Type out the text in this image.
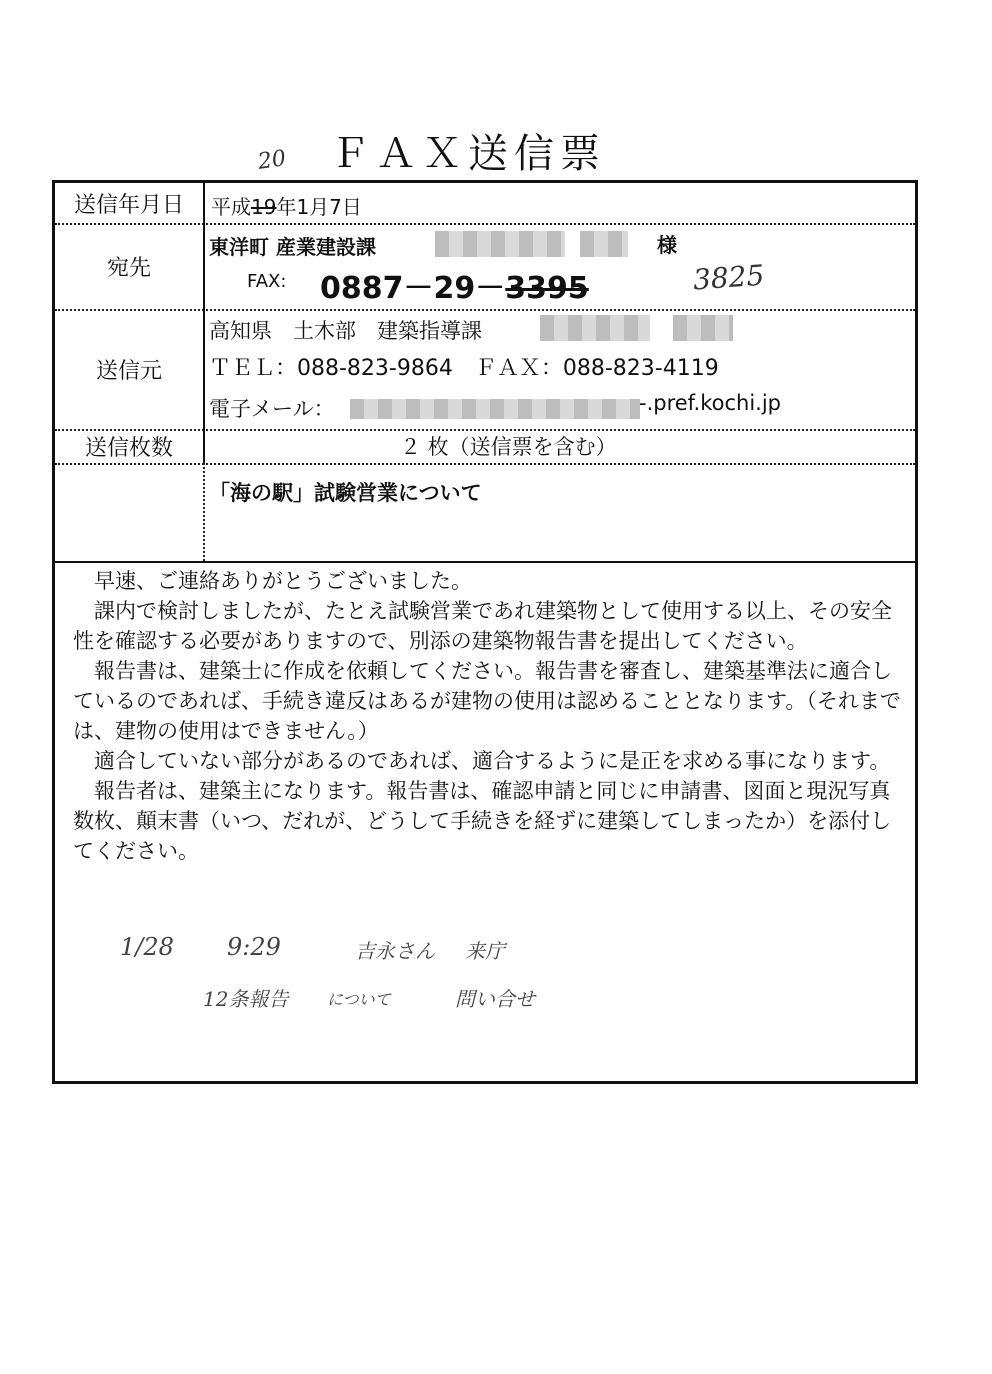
ＦＡＸ送信票
20
送信年月日	平成19年1月7日
宛先
東洋町 産業建設課	様
FAX: 0887－29－3395	3825
送信元
高知県　土木部　建築指導課
ＴＥＬ：088-823-9864　ＦＡＸ：088-823-4119
電子メール：	-.pref.kochi.jp
送信枚数	２ 枚（送信票を含む）
「海の駅」試験営業について

　早速、ご連絡ありがとうございました。

　課内で検討しましたが、たとえ試験営業であれ建築物として使用する以上、その安全性を確認する必要がありますので、別添の建築物報告書を提出してください。

　報告書は、建築士に作成を依頼してください。報告書を審査し、建築基準法に適合しているのであれば、手続き違反はあるが建物の使用は認めることとなります。（それまでは、建物の使用はできません。）

　適合していない部分があるのであれば、適合するように是正を求める事になります。

　報告者は、建築主になります。報告書は、確認申請と同じに申請書、図面と現況写真数枚、顛末書（いつ、だれが、どうして手続きを経ずに建築してしまったか）を添付してください。

1/28 9:29	吉永さん 来庁
12条報告 について	問い合せ
